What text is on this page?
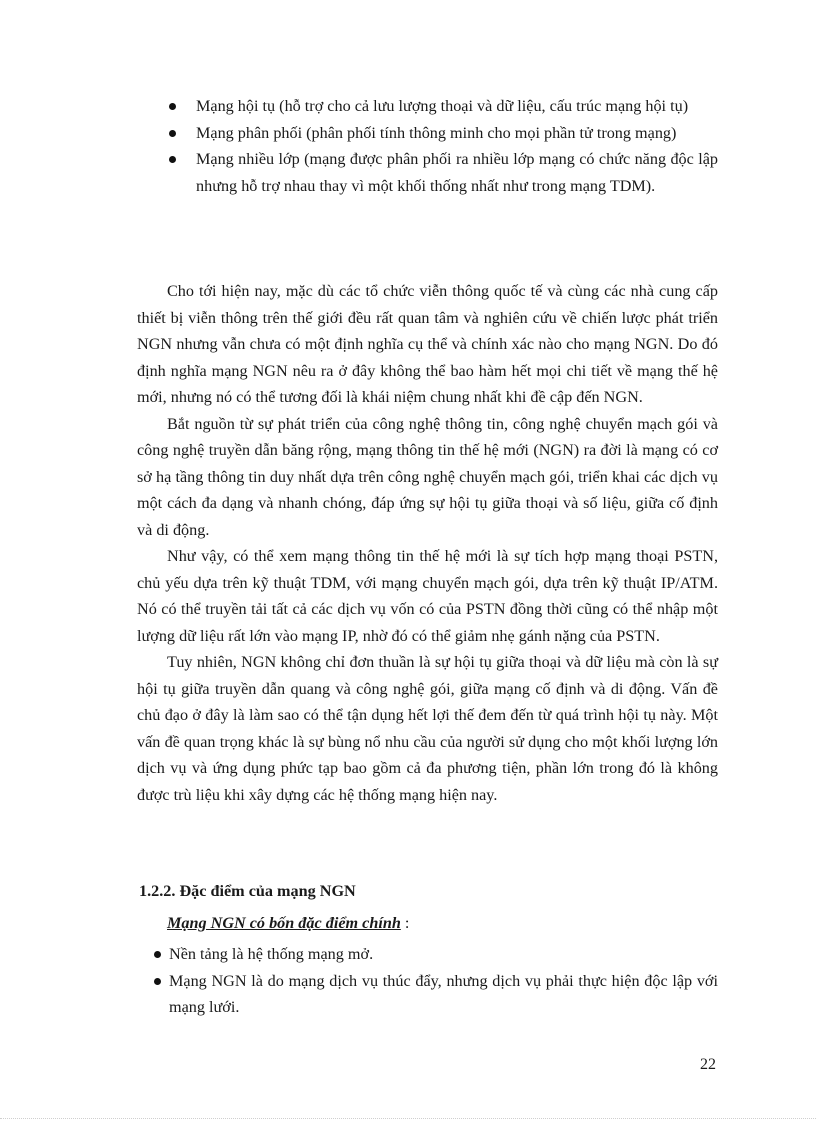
Mạng hội tụ (hỗ trợ cho cả lưu lượng thoại và dữ liệu, cấu trúc mạng hội tụ)
Mạng phân phối (phân phối tính thông minh cho mọi phần tử trong mạng)
Mạng nhiều lớp (mạng được phân phối ra nhiều lớp mạng có chức năng độc lập nhưng hỗ trợ nhau thay vì một khối thống nhất như trong mạng TDM).

Cho tới hiện nay, mặc dù các tổ chức viễn thông quốc tế và cùng các nhà cung cấp thiết bị viễn thông trên thế giới đều rất quan tâm và nghiên cứu về chiến lược phát triển NGN nhưng vẫn chưa có một định nghĩa cụ thể và chính xác nào cho mạng NGN. Do đó định nghĩa mạng NGN nêu ra ở đây không thể bao hàm hết mọi chi tiết về mạng thế hệ mới, nhưng nó có thể tương đối là khái niệm chung nhất khi đề cập đến NGN.

Bắt nguồn từ sự phát triển của công nghệ thông tin, công nghệ chuyển mạch gói và công nghệ truyền dẫn băng rộng, mạng thông tin thế hệ mới (NGN) ra đời là mạng có cơ sở hạ tầng thông tin duy nhất dựa trên công nghệ chuyển mạch gói, triển khai các dịch vụ một cách đa dạng và nhanh chóng, đáp ứng sự hội tụ giữa thoại và số liệu, giữa cố định và di động.

Như vậy, có thể xem mạng thông tin thế hệ mới là sự tích hợp mạng thoại PSTN, chủ yếu dựa trên kỹ thuật TDM, với mạng chuyển mạch gói, dựa trên kỹ thuật IP/ATM. Nó có thể truyền tải tất cả các dịch vụ vốn có của PSTN đồng thời cũng có thể nhập một lượng dữ liệu rất lớn vào mạng IP, nhờ đó có thể giảm nhẹ gánh nặng của PSTN.

Tuy nhiên, NGN không chỉ đơn thuần là sự hội tụ giữa thoại và dữ liệu mà còn là sự hội tụ giữa truyền dẫn quang và công nghệ gói, giữa mạng cố định và di động. Vấn đề chủ đạo ở đây là làm sao có thể tận dụng hết lợi thế đem đến từ quá trình hội tụ này. Một vấn đề quan trọng khác là sự bùng nổ nhu cầu của người sử dụng cho một khối lượng lớn dịch vụ và ứng dụng phức tạp bao gồm cả đa phương tiện, phần lớn trong đó là không được trù liệu khi xây dựng các hệ thống mạng hiện nay.

1.2.2. Đặc điểm của mạng NGN
Mạng NGN có bốn đặc điểm chính :
Nền tảng là hệ thống mạng mở.
Mạng NGN là do mạng dịch vụ thúc đẩy, nhưng dịch vụ phải thực hiện độc lập với mạng lưới.
22
